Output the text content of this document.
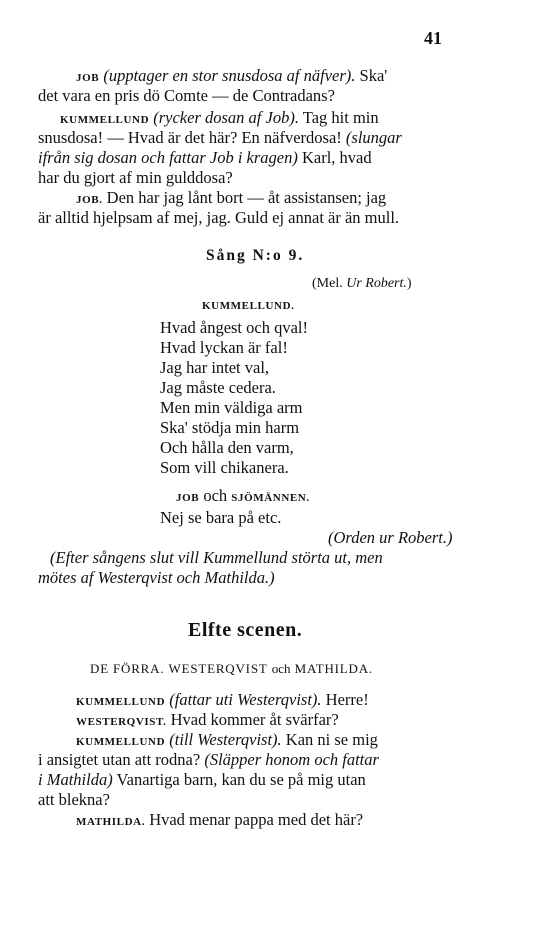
41
JOB (upptager en stor snusdosa af näfver). Ska'
det vara en pris dö Comte — de Contradans?
KUMMELLUND (rycker dosan af Job). Tag hit min
snusdosa! — Hvad är det här? En näfverdosa! (slungar
ifrån sig dosan och fattar Job i kragen) Karl, hvad
har du gjort af min gulddosa?
JOB. Den har jag lånt bort — åt assistansen; jag
är alltid hjelpsam af mej, jag. Guld ej annat är än mull.
Sång N:o 9.
(Mel. Ur Robert.)
KUMMELLUND.
Hvad ångest och qval!
Hvad lyckan är fal!
Jag har intet val,
Jag måste cedera.
Men min väldiga arm
Ska' stödja min harm
Och hålla den varm,
Som vill chikanera.
JOB och SJÖMÄNNEN.
Nej se bara på etc.
(Orden ur Robert.)
(Efter sångens slut vill Kummellund störta ut, men
mötes af Westerqvist och Mathilda.)
Elfte scenen.
DE FÖRRA. WESTERQVIST och MATHILDA.
KUMMELLUND (fattar uti Westerqvist). Herre!
WESTERQVIST. Hvad kommer åt svärfar?
KUMMELLUND (till Westerqvist). Kan ni se mig
i ansigtet utan att rodna? (Släpper honom och fattar
i Mathilda) Vanartiga barn, kan du se på mig utan
att blekna?
MATHILDA. Hvad menar pappa med det här?
